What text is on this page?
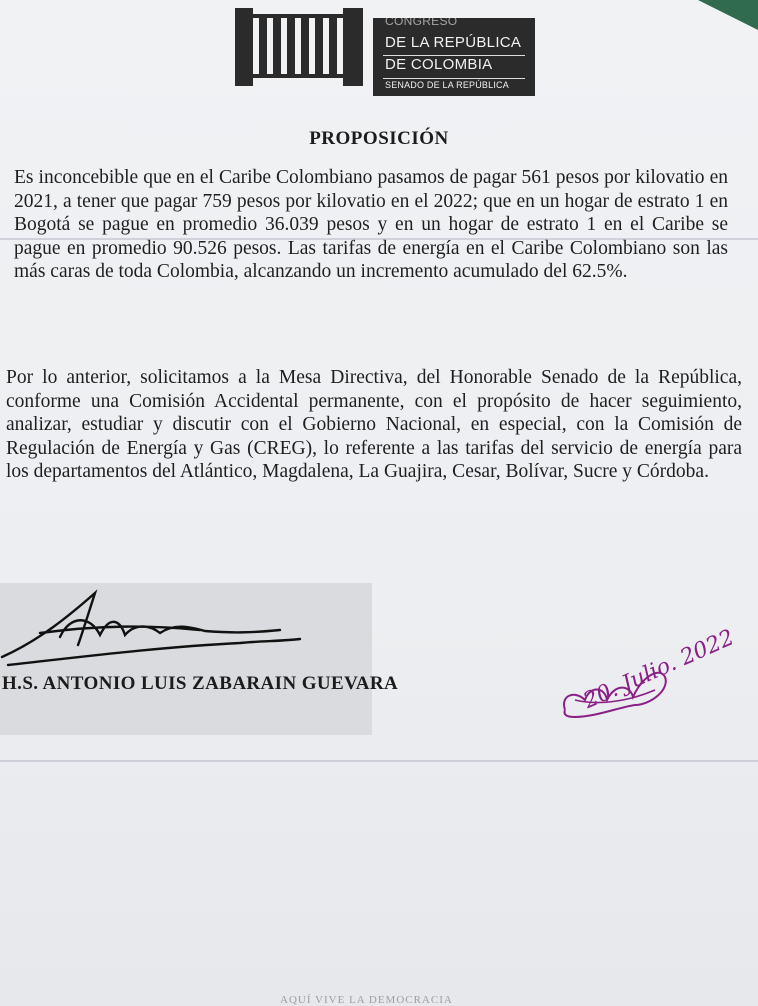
CONGRESO
DE LA REPÚBLICA
DE COLOMBIA
SENADO DE LA REPÚBLICA
PROPOSICIÓN
Es inconcebible que en el Caribe Colombiano pasamos de pagar 561 pesos por kilovatio en 2021, a tener que pagar 759 pesos por kilovatio en el 2022; que en un hogar de estrato 1 en Bogotá se pague en promedio 36.039 pesos y en un hogar de estrato 1 en el Caribe se pague en promedio 90.526 pesos. Las tarifas de energía en el Caribe Colombiano son las más caras de toda Colombia, alcanzando un incremento acumulado del 62.5%.
Por lo anterior, solicitamos a la Mesa Directiva, del Honorable Senado de la República, conforme una Comisión Accidental permanente, con el propósito de hacer seguimiento, analizar, estudiar y discutir con el Gobierno Nacional, en especial, con la Comisión de Regulación de Energía y Gas (CREG), lo referente a las tarifas del servicio de energía para los departamentos del Atlántico, Magdalena, La Guajira, Cesar, Bolívar, Sucre y Córdoba.
H.S. ANTONIO LUIS ZABARAIN GUEVARA	20. Julio. 2022
AQUÍ VIVE LA DEMOCRACIA
